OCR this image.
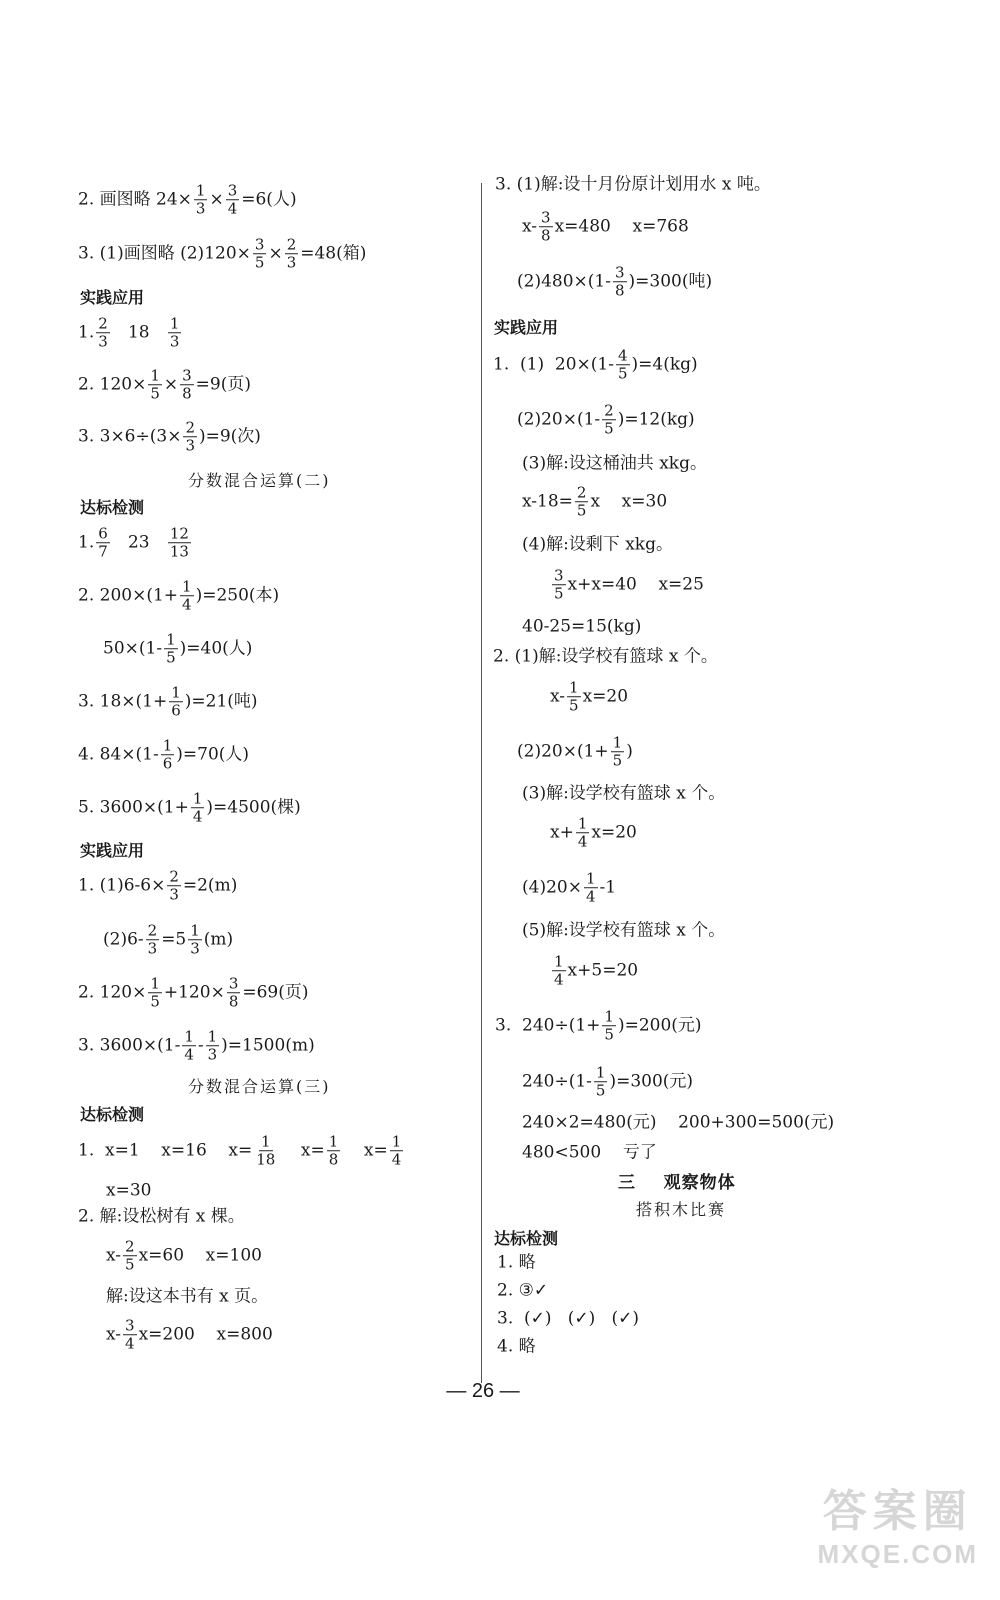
2. 画图略 $24\times \frac{1}{3} \times \frac{3}{4} =6$(人)
3. (1)画图略 $(2)120\times \frac{3}{5} \times \frac{2}{3} =48$(箱)
实践应用
1. $\frac{2}{3} 18 \frac{1}{3}$
2. $120\times \frac{1}{5} \times \frac{3}{8} =9$(页)
3. $3\times 6\div(3\times \frac{2}{3} )=9$(次)
分数混合运算(二)
达标检测
1. $\frac{6}{7} 23 \frac{12}{13}$
2. $200\times(1+ \frac{1}{4} )=250$(本)
$50\times(1- \frac{1}{5} )=40$(人)
3. $18\times(1+ \frac{1}{6} )=21$(吨)
4. $84\times(1- \frac{1}{6} )=70$(人)
5. $3600\times(1+ \frac{1}{4} )=4500$(棵)
实践应用
1. $(1)6-6\times \frac{2}{3} =2(m)$
$(2)6- \frac{2}{3} =5 \frac{1}{3} (m)$
2. $120\times \frac{1}{5} +120\times \frac{3}{8} =69$(页)
3. $3600\times(1- \frac{1}{4} - \frac{1}{3} )=1500(m)$
分数混合运算(三)
达标检测
1.  x=1    x=16    $x= \frac{1}{18} x= \frac{1}{8} x= \frac{1}{4}$
x=30
2. 解:设松树有 x 棵。
$x- \frac{2}{5} x=60$    x=100
解:设这本书有 x 页。
$x- \frac{3}{4} x=200$    x=800
3. (1)解:设十月份原计划用水 x 吨。
$x- \frac{3}{8} x=480$    x=768
$(2)480\times(1- \frac{3}{8} )=300$(吨)
实践应用
1.  (1)  $20\times(1- \frac{4}{5} )=4(kg)$
$(2)20\times(1- \frac{2}{5} )=12(kg)$
(3)解:设这桶油共 xkg。
$x-18= \frac{2}{5}$ x    x=30
(4)解:设剩下 xkg。
$\frac{3}{5} x+x=40$    x=25
40-25=15(kg)
2. (1)解:设学校有篮球 x 个。
$x- \frac{1}{5} x=20$
$(2)20\times(1+ \frac{1}{5}$ )
(3)解:设学校有篮球 x 个。
$x+ \frac{1}{4} x=20$
$(4)20\times \frac{1}{4} -1$
(5)解:设学校有篮球 x 个。
$\frac{1}{4} x+5=20$
3.  $240\div(1+ \frac{1}{5} )=200$(元)
$240\div(1- \frac{1}{5} )=300$(元)
240×2=480(元)    200+300=500(元)
480<500    亏了
三    观察物体
搭积木比赛
达标检测
1. 略
2. ③✓
3.  (✓)   (✓)   (✓)
4. 略
— 26 —
答案圈
MXQE.COM
